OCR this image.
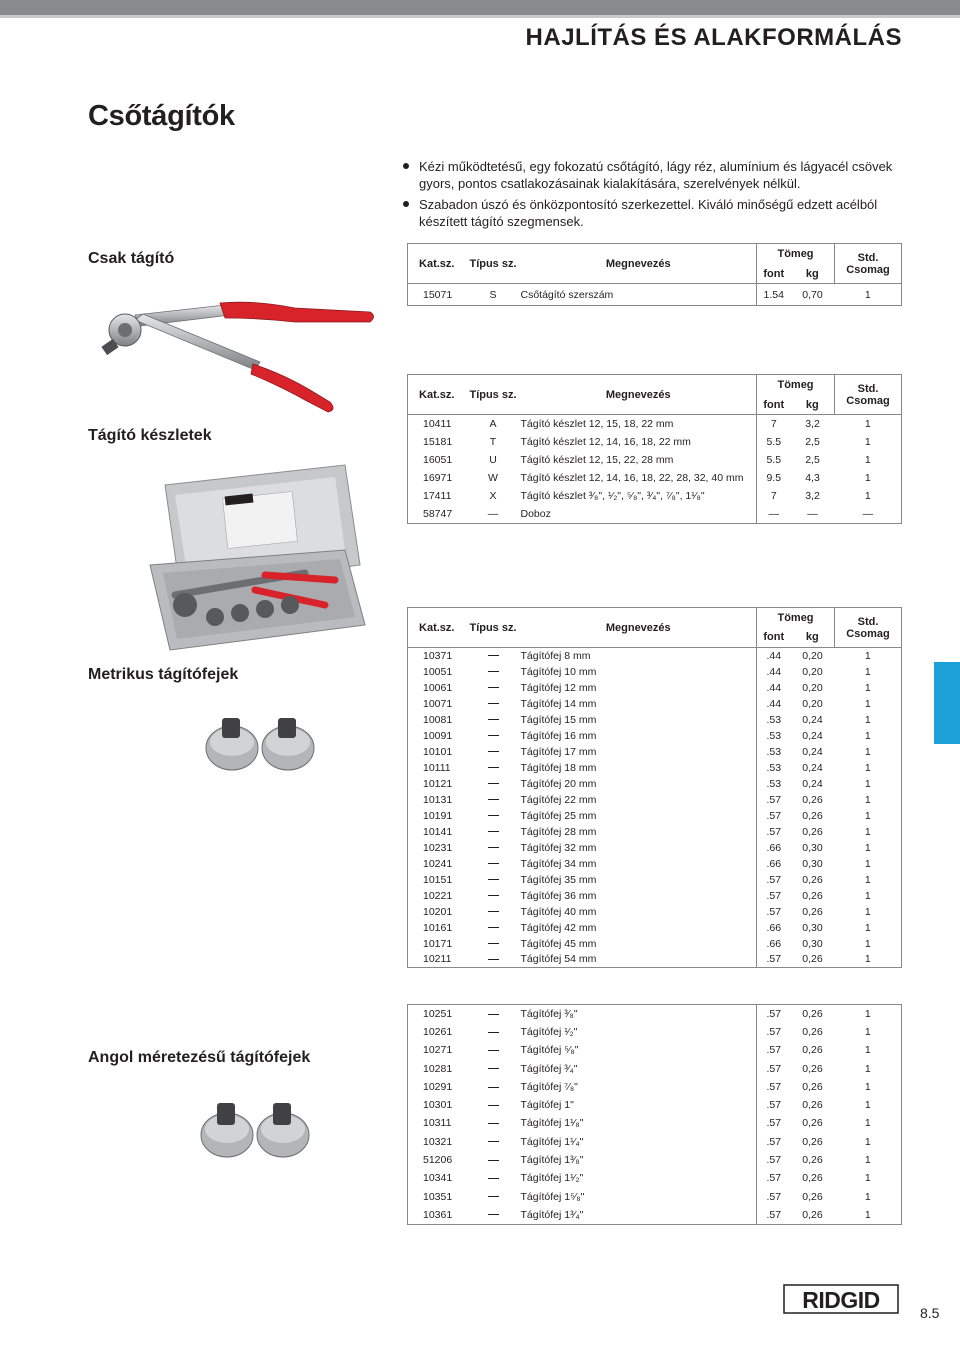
HAJLÍTÁS ÉS ALAKFORMÁLÁS
Csőtágítók
Kézi működtetésű, egy fokozatú csőtágító, lágy réz, alumínium és lágyacél csövek gyors, pontos csatlakozásainak kialakítására, szerelvények nélkül.
Szabadon úszó és önközpontosító szerkezettel. Kiváló minőségű edzett acélból készített tágító szegmensek.
Csak tágító
Tágító készletek
Metrikus tágítófejek
Angol méretezésű tágítófejek
Kat.sz.	Típus sz.	Megnevezés	Tömeg		Std.
Csomag
			font	kg	
15071	S	Csőtágító szerszám	1.54	0,70	1
Kat.sz.	Típus sz.	Megnevezés	Tömeg		Std.
Csomag
			font	kg	
10411	A	Tágító készlet 12, 15, 18, 22 mm	7	3,2	1
15181	T	Tágító készlet 12, 14, 16, 18, 22 mm	5.5	2,5	1
16051	U	Tágító készlet 12, 15, 22, 28 mm	5.5	2,5	1
16971	W	Tágító készlet 12, 14, 16, 18, 22, 28, 32, 40 mm	9.5	4,3	1
17411	X	Tágító készlet ³⁄₈", ¹⁄₂", ⁵⁄₈", ³⁄₄", ⁷⁄₈", 1¹⁄₈"	7	3,2	1
58747	—	Doboz	—	—	—
Kat.sz.	Típus sz.	Megnevezés	Tömeg		Std.
Csomag
			font	kg	
10371		Tágítófej 8 mm	.44	0,20	1
10051		Tágítófej 10 mm	.44	0,20	1
10061		Tágítófej 12 mm	.44	0,20	1
10071		Tágítófej 14 mm	.44	0,20	1
10081		Tágítófej 15 mm	.53	0,24	1
10091		Tágítófej 16 mm	.53	0,24	1
10101		Tágítófej 17 mm	.53	0,24	1
10111		Tágítófej 18 mm	.53	0,24	1
10121		Tágítófej 20 mm	.53	0,24	1
10131		Tágítófej 22 mm	.57	0,26	1
10191		Tágítófej 25 mm	.57	0,26	1
10141		Tágítófej 28 mm	.57	0,26	1
10231		Tágítófej 32 mm	.66	0,30	1
10241		Tágítófej 34 mm	.66	0,30	1
10151		Tágítófej 35 mm	.57	0,26	1
10221		Tágítófej 36 mm	.57	0,26	1
10201		Tágítófej 40 mm	.57	0,26	1
10161		Tágítófej 42 mm	.66	0,30	1
10171		Tágítófej 45 mm	.66	0,30	1
10211		Tágítófej 54 mm	.57	0,26	1
10251		Tágítófej ³⁄₈"	.57	0,26	1
10261		Tágítófej ¹⁄₂"	.57	0,26	1
10271		Tágítófej ⁵⁄₈"	.57	0,26	1
10281		Tágítófej ³⁄₄"	.57	0,26	1
10291		Tágítófej ⁷⁄₈"	.57	0,26	1
10301		Tágítófej 1"	.57	0,26	1
10311		Tágítófej 1¹⁄₈"	.57	0,26	1
10321		Tágítófej 1¹⁄₄"	.57	0,26	1
51206		Tágítófej 1³⁄₈"	.57	0,26	1
10341		Tágítófej 1¹⁄₂"	.57	0,26	1
10351		Tágítófej 1⁵⁄₈"	.57	0,26	1
10361		Tágítófej 1³⁄₄"	.57	0,26	1
RIDGID	8.5
